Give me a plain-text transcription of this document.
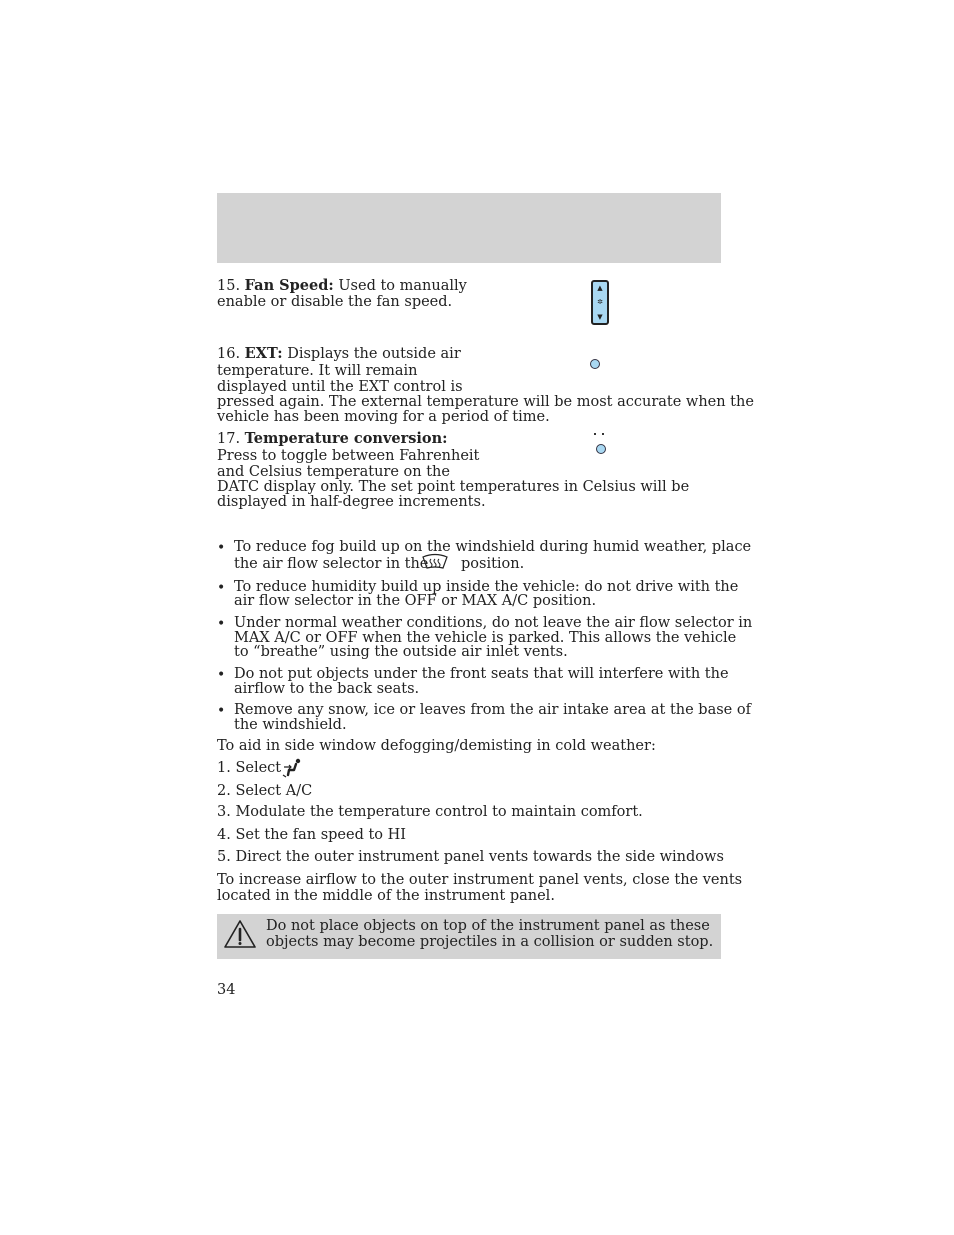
15. Fan Speed: Used to manually
enable or disable the fan speed.
▲
✲
▼
16. EXT: Displays the outside air
temperature. It will remain
displayed until the EXT control is
pressed again. The external temperature will be most accurate when the
vehicle has been moving for a period of time.
17. Temperature conversion:
Press to toggle between Fahrenheit
and Celsius temperature on the
DATC display only. The set point temperatures in Celsius will be
displayed in half-degree increments.
• To reduce fog build up on the windshield during humid weather, place
the air flow selector in the position.
• To reduce humidity build up inside the vehicle: do not drive with the
air flow selector in the OFF or MAX A/C position.
• Under normal weather conditions, do not leave the air flow selector in
MAX A/C or OFF when the vehicle is parked. This allows the vehicle
to “breathe” using the outside air inlet vents.
• Do not put objects under the front seats that will interfere with the
airflow to the back seats.
• Remove any snow, ice or leaves from the air intake area at the base of
the windshield.
To aid in side window defogging/demisting in cold weather:
1. Select
2. Select A/C
3. Modulate the temperature control to maintain comfort.
4. Set the fan speed to HI
5. Direct the outer instrument panel vents towards the side windows
To increase airflow to the outer instrument panel vents, close the vents
located in the middle of the instrument panel.
Do not place objects on top of the instrument panel as these
objects may become projectiles in a collision or sudden stop.
34
